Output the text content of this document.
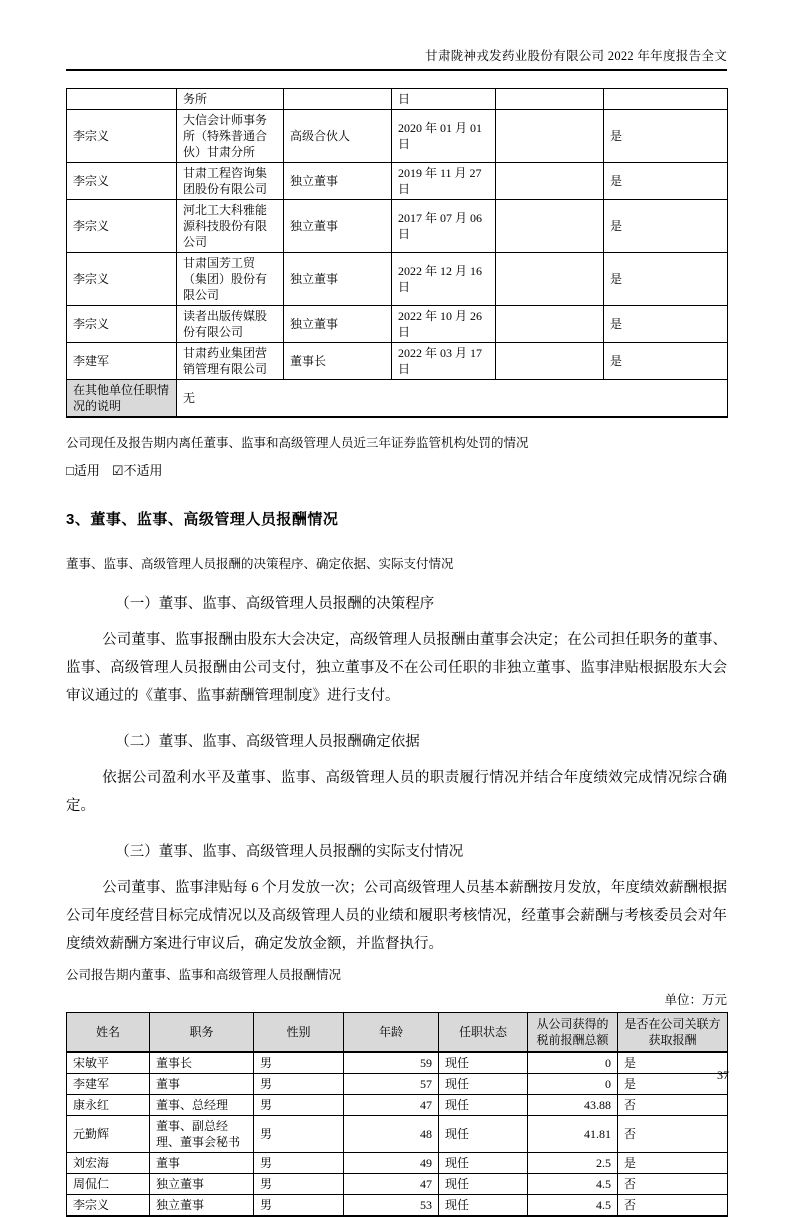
甘肃陇神戎发药业股份有限公司 2022 年年度报告全文
	务所		日		
李宗义	大信会计师事务所（特殊普通合伙）甘肃分所	高级合伙人	2020 年 01 月 01 日		是
李宗义	甘肃工程咨询集团股份有限公司	独立董事	2019 年 11 月 27 日		是
李宗义	河北工大科雅能源科技股份有限公司	独立董事	2017 年 07 月 06 日		是
李宗义	甘肃国芳工贸（集团）股份有限公司	独立董事	2022 年 12 月 16 日		是
李宗义	读者出版传媒股份有限公司	独立董事	2022 年 10 月 26 日		是
李建军	甘肃药业集团营销管理有限公司	董事长	2022 年 03 月 17 日		是
在其他单位任职情况的说明	无				

公司现任及报告期内离任董事、监事和高级管理人员近三年证券监管机构处罚的情况

□适用 ☑不适用

3、董事、监事、高级管理人员报酬情况

董事、监事、高级管理人员报酬的决策程序、确定依据、实际支付情况

（一）董事、监事、高级管理人员报酬的决策程序

公司董事、监事报酬由股东大会决定，高级管理人员报酬由董事会决定；在公司担任职务的董事、监事、高级管理人员报酬由公司支付，独立董事及不在公司任职的非独立董事、监事津贴根据股东大会审议通过的《董事、监事薪酬管理制度》进行支付。

（二）董事、监事、高级管理人员报酬确定依据

依据公司盈利水平及董事、监事、高级管理人员的职责履行情况并结合年度绩效完成情况综合确定。

（三）董事、监事、高级管理人员报酬的实际支付情况

公司董事、监事津贴每 6 个月发放一次；公司高级管理人员基本薪酬按月发放，年度绩效薪酬根据公司年度经营目标完成情况以及高级管理人员的业绩和履职考核情况，经董事会薪酬与考核委员会对年度绩效薪酬方案进行审议后，确定发放金额，并监督执行。

公司报告期内董事、监事和高级管理人员报酬情况

单位：万元

姓名	职务	性别	年龄	任职状态	从公司获得的税前报酬总额	是否在公司关联方获取报酬
宋敏平	董事长	男	59	现任	0	是
李建军	董事	男	57	现任	0	是
康永红	董事、总经理	男	47	现任	43.88	否
元勤辉	董事、副总经理、董事会秘书	男	48	现任	41.81	否
刘宏海	董事	男	49	现任	2.5	是
周侃仁	独立董事	男	47	现任	4.5	否
李宗义	独立董事	男	53	现任	4.5	否
37
